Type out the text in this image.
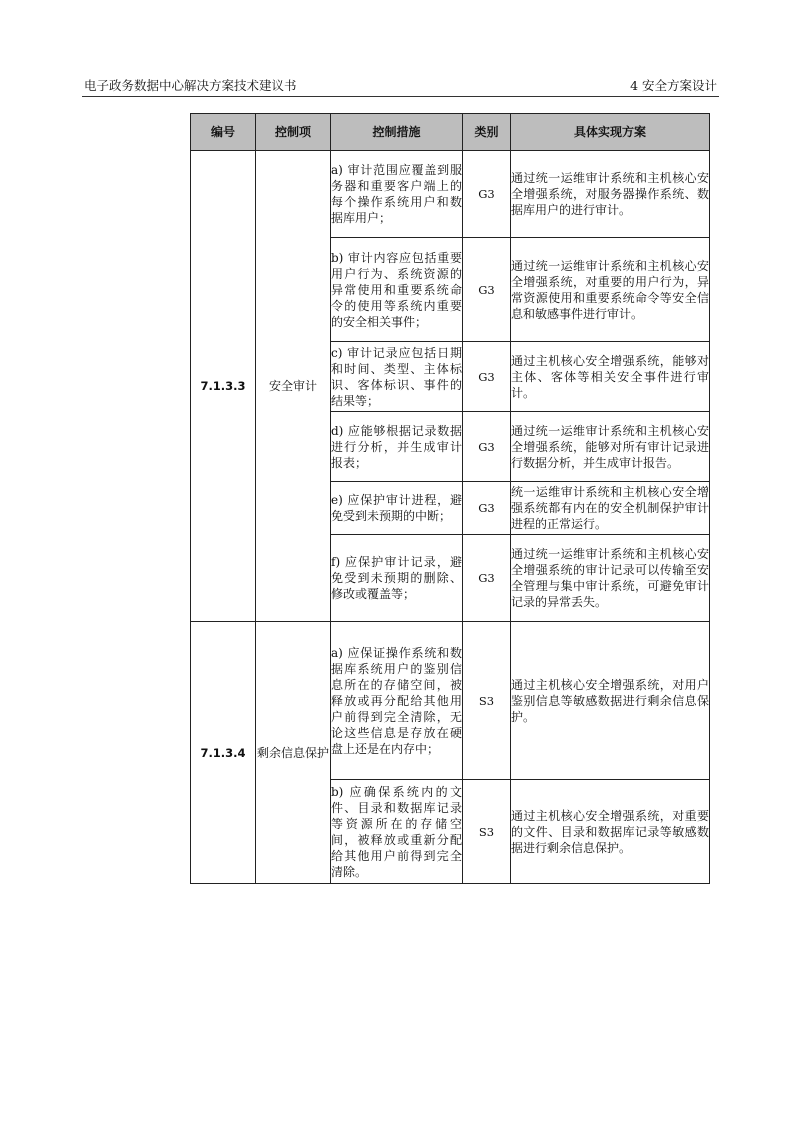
电子政务数据中心解决方案技术建议书	4 安全方案设计
编号	控制项	控制措施	类别	具体实现方案
7.1.3.3	安全审计	a) 审计范围应覆盖到服务器和重要客户端上的每个操作系统用户和数据库用户；	G3	通过统一运维审计系统和主机核心安全增强系统，对服务器操作系统、数据库用户的进行审计。
		b) 审计内容应包括重要用户行为、系统资源的异常使用和重要系统命令的使用等系统内重要的安全相关事件；	G3	通过统一运维审计系统和主机核心安全增强系统，对重要的用户行为，异常资源使用和重要系统命令等安全信息和敏感事件进行审计。
		c) 审计记录应包括日期和时间、类型、主体标识、客体标识、事件的结果等；	G3	通过主机核心安全增强系统，能够对主体、客体等相关安全事件进行审计。
		d) 应能够根据记录数据进行分析，并生成审计报表；	G3	通过统一运维审计系统和主机核心安全增强系统，能够对所有审计记录进行数据分析，并生成审计报告。
		e) 应保护审计进程，避免受到未预期的中断；	G3	统一运维审计系统和主机核心安全增强系统都有内在的安全机制保护审计进程的正常运行。
		f) 应保护审计记录，避免受到未预期的删除、修改或覆盖等；	G3	通过统一运维审计系统和主机核心安全增强系统的审计记录可以传输至安全管理与集中审计系统，可避免审计记录的异常丢失。
7.1.3.4	剩余信息保护	a) 应保证操作系统和数据库系统用户的鉴别信息所在的存储空间，被释放或再分配给其他用户前得到完全清除，无论这些信息是存放在硬盘上还是在内存中；	S3	通过主机核心安全增强系统，对用户鉴别信息等敏感数据进行剩余信息保护。
		b) 应确保系统内的文件、目录和数据库记录等资源所在的存储空间，被释放或重新分配给其他用户前得到完全清除。	S3	通过主机核心安全增强系统，对重要的文件、目录和数据库记录等敏感数据进行剩余信息保护。
